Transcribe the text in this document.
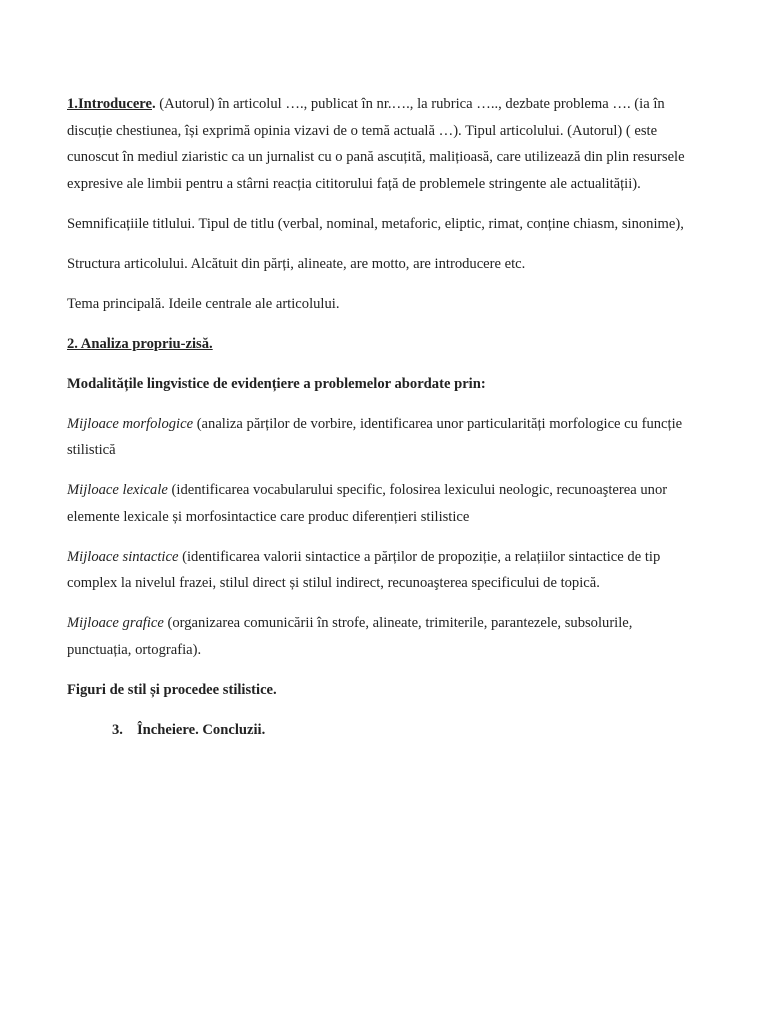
1.Introducere. (Autorul) în articolul …., publicat în nr.…., la rubrica ….., dezbate problema …. (ia în discuție chestiunea, își exprimă opinia vizavi de o temă actuală …). Tipul articolului. (Autorul) ( este cunoscut în mediul ziaristic ca un jurnalist cu o pană ascuțită, malițioasă, care utilizează din plin resursele expresive ale limbii pentru a stârni reacția cititorului față de problemele stringente ale actualității).

Semnificațiile titlului. Tipul de titlu (verbal, nominal, metaforic, eliptic, rimat, conține chiasm, sinonime),

Structura articolului. Alcătuit din părți, alineate, are motto, are introducere etc.

Tema principală. Ideile centrale ale articolului.

2. Analiza propriu-zisă.

Modalitățile lingvistice de evidențiere a problemelor abordate prin:

Mijloace morfologice (analiza părților de vorbire, identificarea unor particularități morfologice cu funcție stilistică

Mijloace lexicale (identificarea vocabularului specific, folosirea lexicului neologic, recunoaşterea unor elemente lexicale și morfosintactice care produc diferențieri stilistice

Mijloace sintactice (identificarea valorii sintactice a părților de propoziție, a relațiilor sintactice de tip complex la nivelul frazei, stilul direct și stilul indirect, recunoaşterea specificului de topică.

Mijloace grafice (organizarea comunicării în strofe, alineate, trimiterile, parantezele, subsolurile, punctuația, ortografia).

Figuri de stil și procedee stilistice.

3. Încheiere. Concluzii.
